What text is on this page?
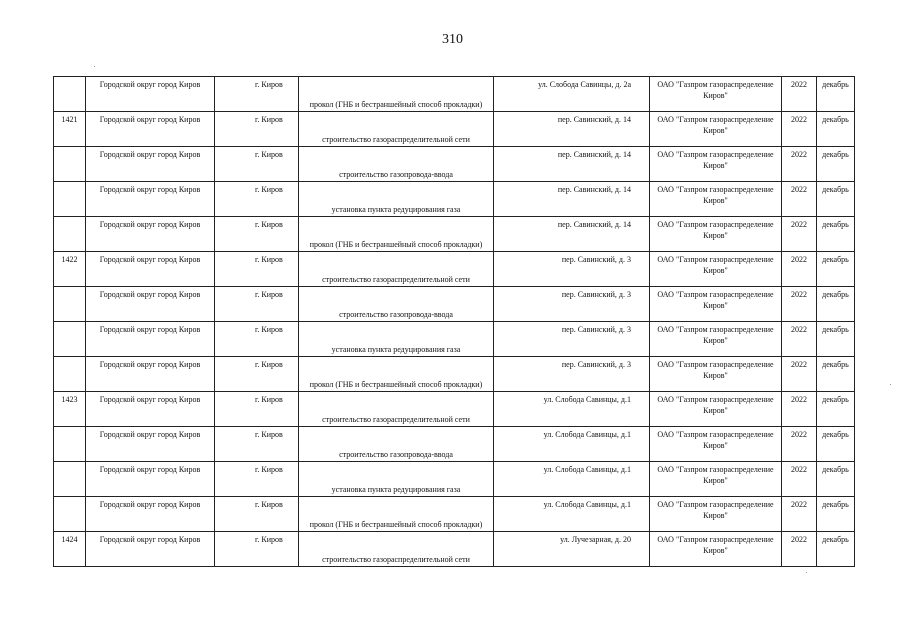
310
	Городской округ город Киров	г. Киров	прокол (ГНБ и бестраншейный способ прокладки)	ул. Слобода Савинцы, д. 2а	ОАО "Газпром газораспределение Киров"	2022	декабрь
1421	Городской округ город Киров	г. Киров	строительство газораспределительной сети	пер. Савинский, д. 14	ОАО "Газпром газораспределение Киров"	2022	декабрь
	Городской округ город Киров	г. Киров	строительство газопровода-ввода	пер. Савинский, д. 14	ОАО "Газпром газораспределение Киров"	2022	декабрь
	Городской округ город Киров	г. Киров	установка пункта редуцирования газа	пер. Савинский, д. 14	ОАО "Газпром газораспределение Киров"	2022	декабрь
	Городской округ город Киров	г. Киров	прокол (ГНБ и бестраншейный способ прокладки)	пер. Савинский, д. 14	ОАО "Газпром газораспределение Киров"	2022	декабрь
1422	Городской округ город Киров	г. Киров	строительство газораспределительной сети	пер. Савинский, д. 3	ОАО "Газпром газораспределение Киров"	2022	декабрь
	Городской округ город Киров	г. Киров	строительство газопровода-ввода	пер. Савинский, д. 3	ОАО "Газпром газораспределение Киров"	2022	декабрь
	Городской округ город Киров	г. Киров	установка пункта редуцирования газа	пер. Савинский, д. 3	ОАО "Газпром газораспределение Киров"	2022	декабрь
	Городской округ город Киров	г. Киров	прокол (ГНБ и бестраншейный способ прокладки)	пер. Савинский, д. 3	ОАО "Газпром газораспределение Киров"	2022	декабрь
1423	Городской округ город Киров	г. Киров	строительство газораспределительной сети	ул. Слобода Савинцы, д.1	ОАО "Газпром газораспределение Киров"	2022	декабрь
	Городской округ город Киров	г. Киров	строительство газопровода-ввода	ул. Слобода Савинцы, д.1	ОАО "Газпром газораспределение Киров"	2022	декабрь
	Городской округ город Киров	г. Киров	установка пункта редуцирования газа	ул. Слобода Савинцы, д.1	ОАО "Газпром газораспределение Киров"	2022	декабрь
	Городской округ город Киров	г. Киров	прокол (ГНБ и бестраншейный способ прокладки)	ул. Слобода Савинцы, д.1	ОАО "Газпром газораспределение Киров"	2022	декабрь
1424	Городской округ город Киров	г. Киров	строительство газораспределительной сети	ул. Лучезарная, д. 20	ОАО "Газпром газораспределение Киров"	2022	декабрь
